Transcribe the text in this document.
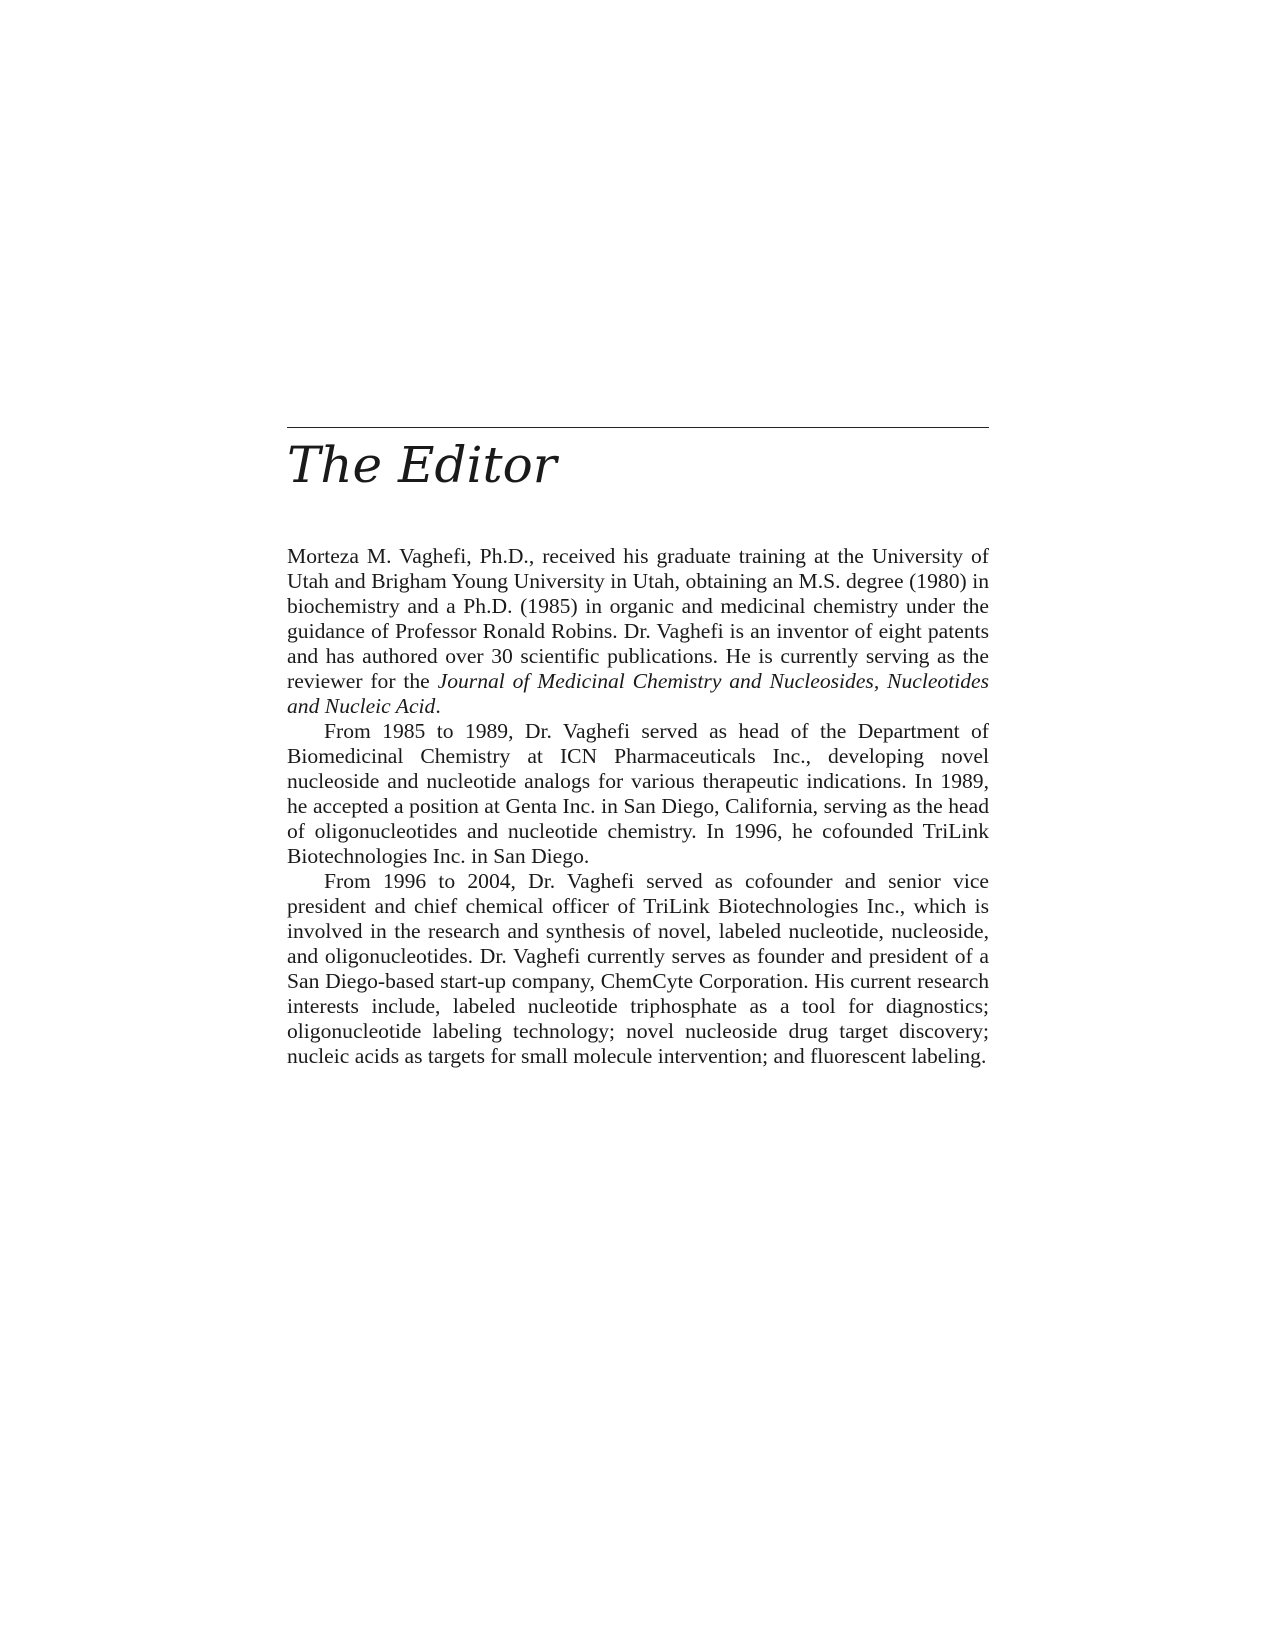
The Editor

Morteza M. Vaghefi, Ph.D., received his graduate training at the University of Utah and Brigham Young University in Utah, obtaining an M.S. degree (1980) in biochemistry and a Ph.D. (1985) in organic and medicinal chemistry under the guidance of Professor Ronald Robins. Dr. Vaghefi is an inventor of eight patents and has authored over 30 scientific publications. He is currently serving as the reviewer for the Journal of Medicinal Chemistry and Nucleosides, Nucleotides and Nucleic Acid.

From 1985 to 1989, Dr. Vaghefi served as head of the Department of Biomedicinal Chemistry at ICN Pharmaceuticals Inc., developing novel nucleoside and nucleotide analogs for various therapeutic indications. In 1989, he accepted a position at Genta Inc. in San Diego, California, serving as the head of oligonucleotides and nucleotide chemistry. In 1996, he cofounded TriLink Biotechnologies Inc. in San Diego.

From 1996 to 2004, Dr. Vaghefi served as cofounder and senior vice president and chief chemical officer of TriLink Biotechnologies Inc., which is involved in the research and synthesis of novel, labeled nucleotide, nucleoside, and oligonucleotides. Dr. Vaghefi currently serves as founder and president of a San Diego-based start-up company, ChemCyte Corporation. His current research interests include, labeled nucleotide triphosphate as a tool for diagnostics; oligonucleotide labeling technology; novel nucleoside drug target discovery; nucleic acids as targets for small molecule intervention; and fluorescent labeling.
